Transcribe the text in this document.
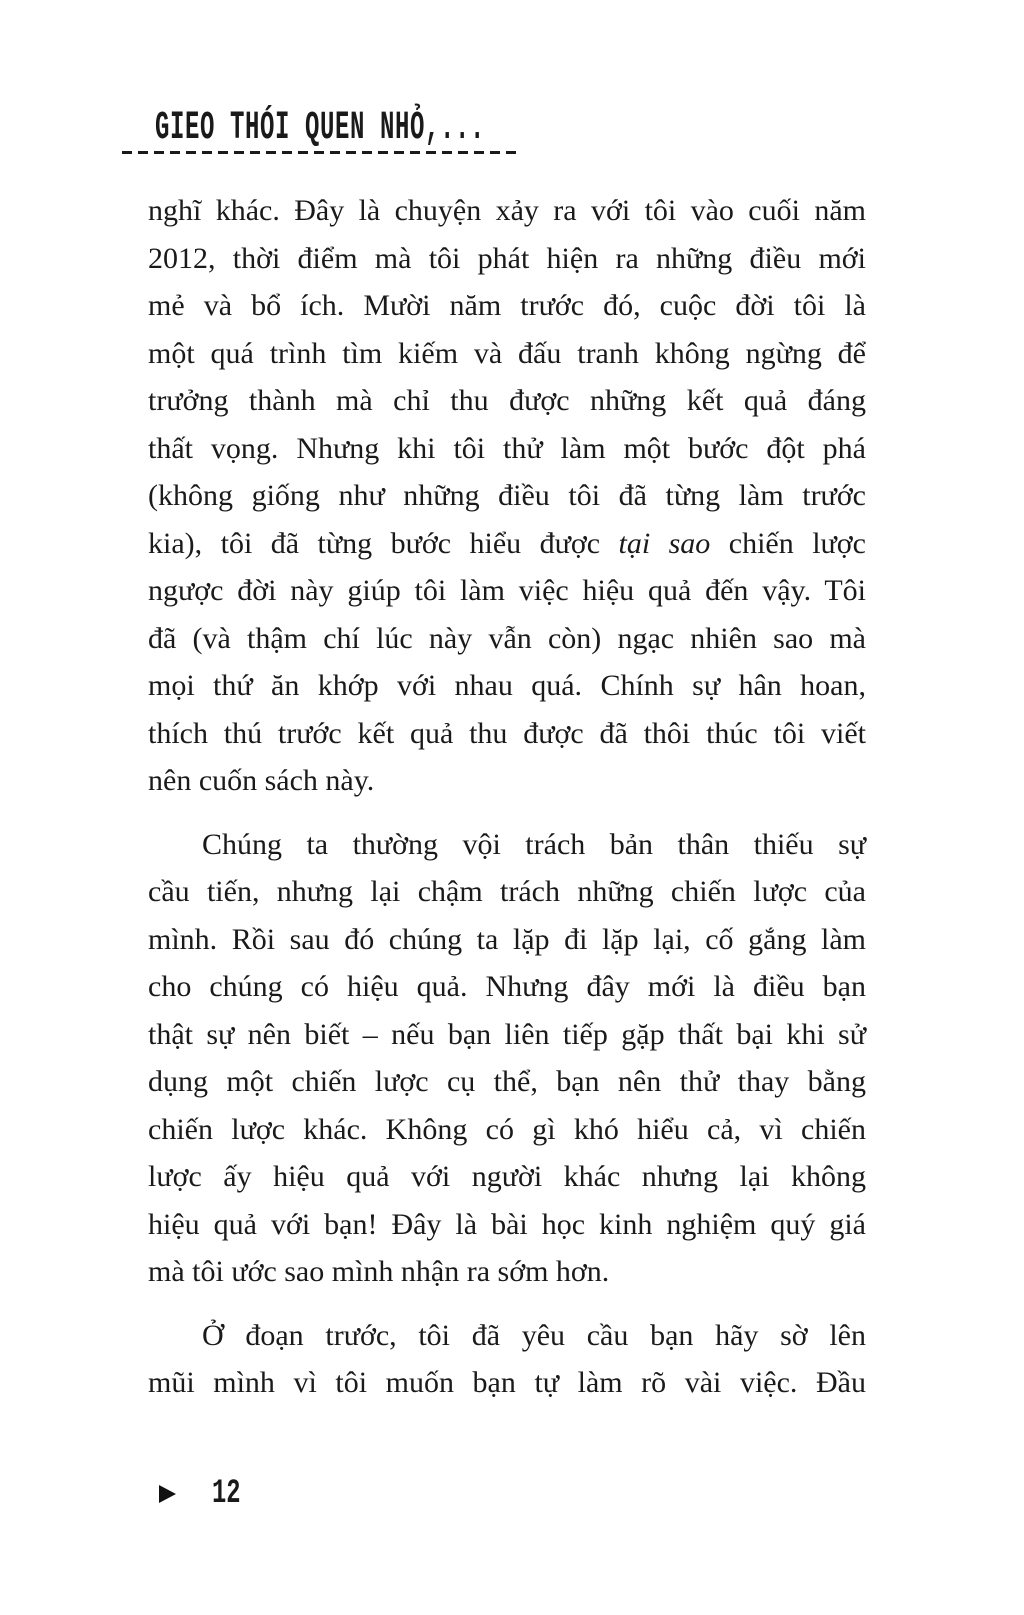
GIEO THÓI QUEN NHỎ,...
nghĩ khác. Đây là chuyện xảy ra với tôi vào cuối năm
2012, thời điểm mà tôi phát hiện ra những điều mới
mẻ và bổ ích. Mười năm trước đó, cuộc đời tôi là
một quá trình tìm kiếm và đấu tranh không ngừng để
trưởng thành mà chỉ thu được những kết quả đáng
thất vọng. Nhưng khi tôi thử làm một bước đột phá
(không giống như những điều tôi đã từng làm trước
kia), tôi đã từng bước hiểu được tại sao chiến lược
ngược đời này giúp tôi làm việc hiệu quả đến vậy. Tôi
đã (và thậm chí lúc này vẫn còn) ngạc nhiên sao mà
mọi thứ ăn khớp với nhau quá. Chính sự hân hoan,
thích thú trước kết quả thu được đã thôi thúc tôi viết
nên cuốn sách này.
Chúng ta thường vội trách bản thân thiếu sự
cầu tiến, nhưng lại chậm trách những chiến lược của
mình. Rồi sau đó chúng ta lặp đi lặp lại, cố gắng làm
cho chúng có hiệu quả. Nhưng đây mới là điều bạn
thật sự nên biết – nếu bạn liên tiếp gặp thất bại khi sử
dụng một chiến lược cụ thể, bạn nên thử thay bằng
chiến lược khác. Không có gì khó hiểu cả, vì chiến
lược ấy hiệu quả với người khác nhưng lại không
hiệu quả với bạn! Đây là bài học kinh nghiệm quý giá
mà tôi ước sao mình nhận ra sớm hơn.
Ở đoạn trước, tôi đã yêu cầu bạn hãy sờ lên
mũi mình vì tôi muốn bạn tự làm rõ vài việc. Đầu
12
